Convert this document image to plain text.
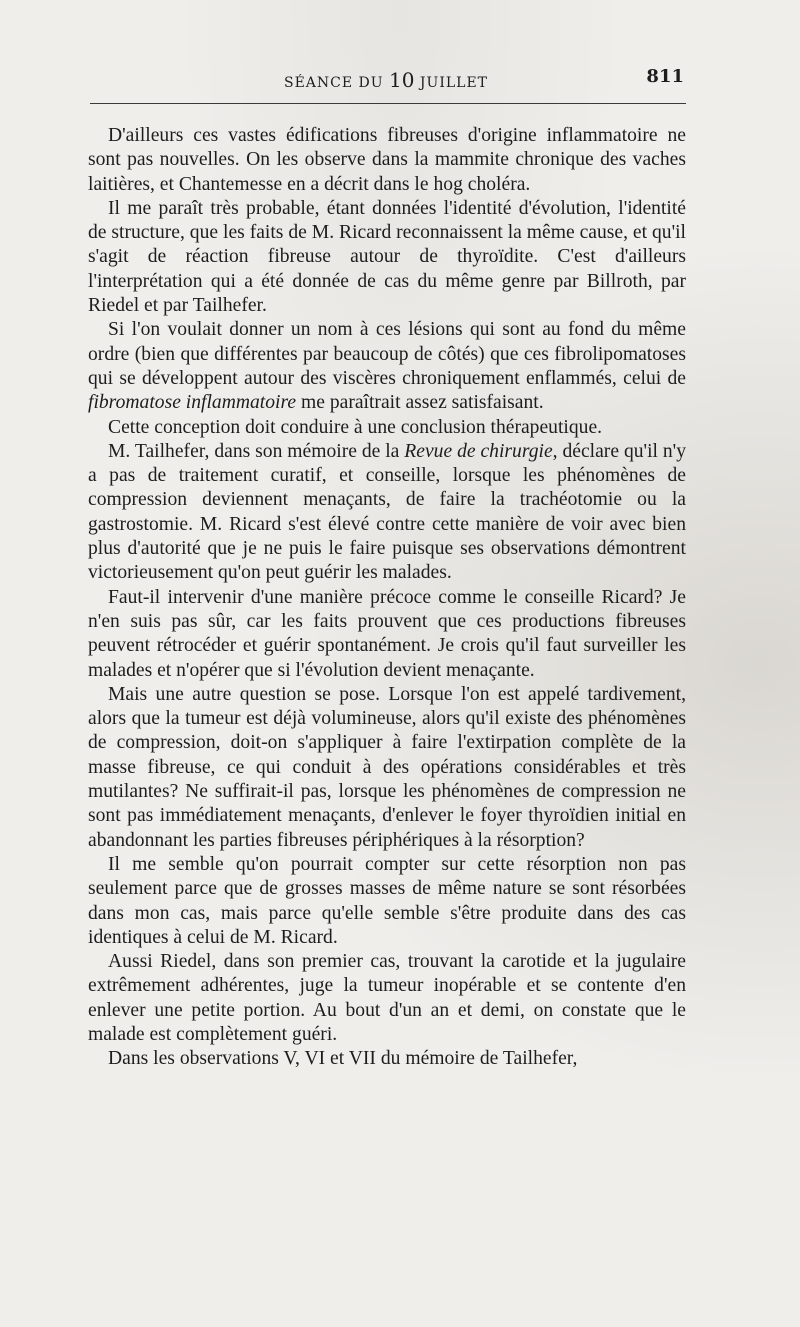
SÉANCE DU 10 JUILLET	811

D'ailleurs ces vastes édifications fibreuses d'origine inflammatoire ne sont pas nouvelles. On les observe dans la mammite chronique des vaches laitières, et Chantemesse en a décrit dans le hog choléra.

Il me paraît très probable, étant données l'identité d'évolution, l'identité de structure, que les faits de M. Ricard reconnaissent la même cause, et qu'il s'agit de réaction fibreuse autour de thyroïdite. C'est d'ailleurs l'interprétation qui a été donnée de cas du même genre par Billroth, par Riedel et par Tailhefer.

Si l'on voulait donner un nom à ces lésions qui sont au fond du même ordre (bien que différentes par beaucoup de côtés) que ces fibrolipomatoses qui se développent autour des viscères chroniquement enflammés, celui de fibromatose inflammatoire me paraîtrait assez satisfaisant.

Cette conception doit conduire à une conclusion thérapeutique.

M. Tailhefer, dans son mémoire de la Revue de chirurgie, déclare qu'il n'y a pas de traitement curatif, et conseille, lorsque les phénomènes de compression deviennent menaçants, de faire la trachéotomie ou la gastrostomie. M. Ricard s'est élevé contre cette manière de voir avec bien plus d'autorité que je ne puis le faire puisque ses observations démontrent victorieusement qu'on peut guérir les malades.

Faut-il intervenir d'une manière précoce comme le conseille Ricard? Je n'en suis pas sûr, car les faits prouvent que ces productions fibreuses peuvent rétrocéder et guérir spontanément. Je crois qu'il faut surveiller les malades et n'opérer que si l'évolution devient menaçante.

Mais une autre question se pose. Lorsque l'on est appelé tardivement, alors que la tumeur est déjà volumineuse, alors qu'il existe des phénomènes de compression, doit-on s'appliquer à faire l'extirpation complète de la masse fibreuse, ce qui conduit à des opérations considérables et très mutilantes? Ne suffirait-il pas, lorsque les phénomènes de compression ne sont pas immédiatement menaçants, d'enlever le foyer thyroïdien initial en abandonnant les parties fibreuses périphériques à la résorption?

Il me semble qu'on pourrait compter sur cette résorption non pas seulement parce que de grosses masses de même nature se sont résorbées dans mon cas, mais parce qu'elle semble s'être produite dans des cas identiques à celui de M. Ricard.

Aussi Riedel, dans son premier cas, trouvant la carotide et la jugulaire extrêmement adhérentes, juge la tumeur inopérable et se contente d'en enlever une petite portion. Au bout d'un an et demi, on constate que le malade est complètement guéri.

Dans les observations V, VI et VII du mémoire de Tailhefer,
